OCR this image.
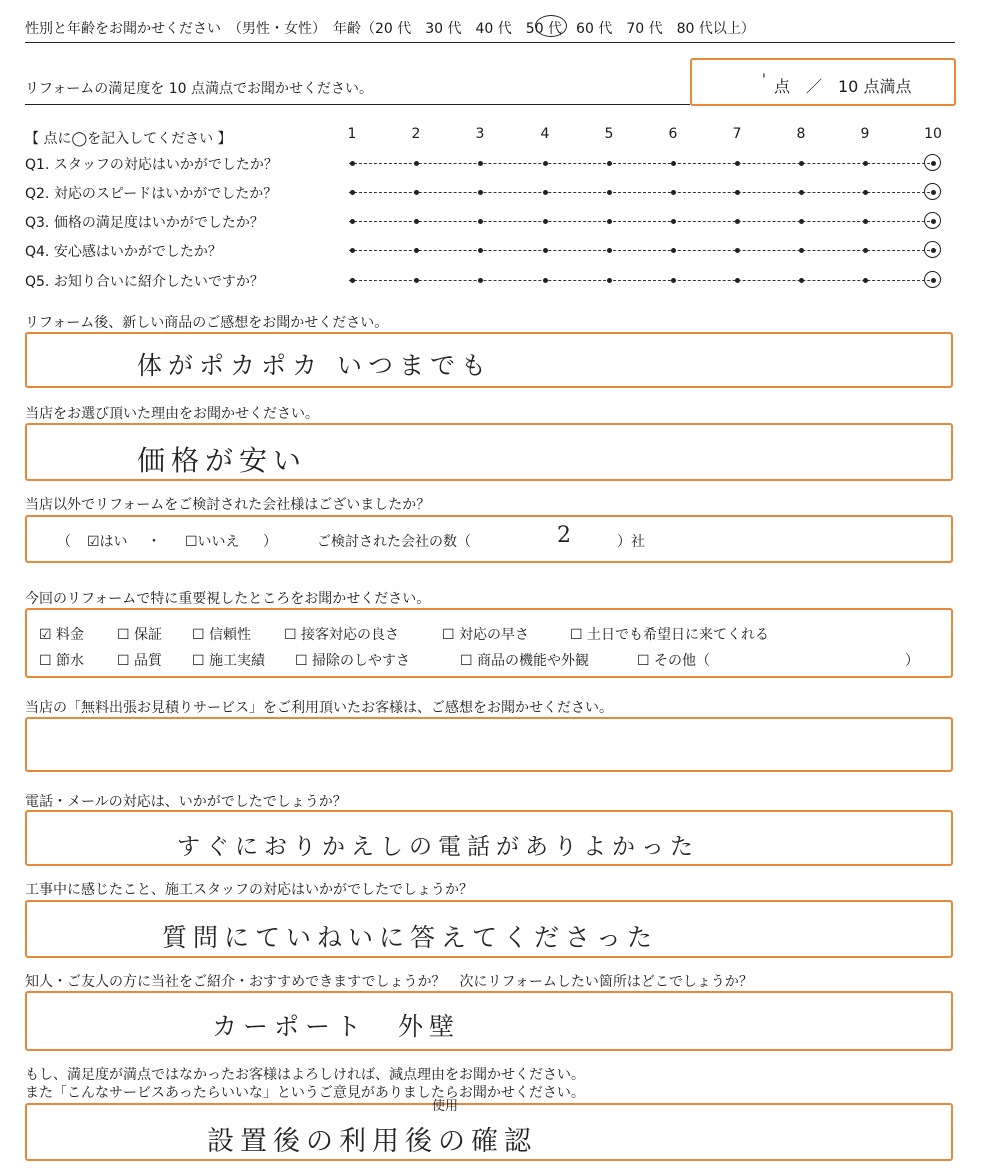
性別と年齢をお聞かせください　（男性・女性）　年齢（20 代　30 代　40 代　50 代　60 代　70 代　80 代以上）
リフォームの満足度を 10 点満点でお聞かせください。
' 点　／　10 点満点
【 点に◯を記入してください 】	1	2	3	4	5	6	7	8	9	10
Q1. スタッフの対応はいかがでしたか？
Q2. 対応のスピードはいかがでしたか？
Q3. 価格の満足度はいかがでしたか？
Q4. 安心感はいかがでしたか？
Q5. お知り合いに紹介したいですか？
リフォーム後、新しい商品のご感想をお聞かせください。
体がポカポカ いつまでも
当店をお選び頂いた理由をお聞かせください。
価格が安い
当店以外でリフォームをご検討された会社様はございましたか？
（ ☑はい ・ ☐いいえ ）	ご検討された会社の数（	2	）社
今回のリフォームで特に重要視したところをお聞かせください。
☑ 料金 ☐ 保証 ☐ 信頼性 ☐ 接客対応の良さ	☐ 対応の早さ	☐ 土日でも希望日に来てくれる
☐ 節水 ☐ 品質 ☐ 施工実績 ☐ 掃除のしやすさ	☐ 商品の機能や外観	☐ その他（	）
当店の「無料出張お見積りサービス」をご利用頂いたお客様は、ご感想をお聞かせください。
電話・メールの対応は、いかがでしたでしょうか？
すぐにおりかえしの電話がありよかった
工事中に感じたこと、施工スタッフの対応はいかがでしたでしょうか？
質問にていねいに答えてくださった
知人・ご友人の方に当社をご紹介・おすすめできますでしょうか？　次にリフォームしたい箇所はどこでしょうか？
カーポート　外壁
もし、満足度が満点ではなかったお客様はよろしければ、減点理由をお聞かせください。
また「こんなサービスあったらいいな」というご意見がありましたらお聞かせください。
使用
設置後の利用後の確認
